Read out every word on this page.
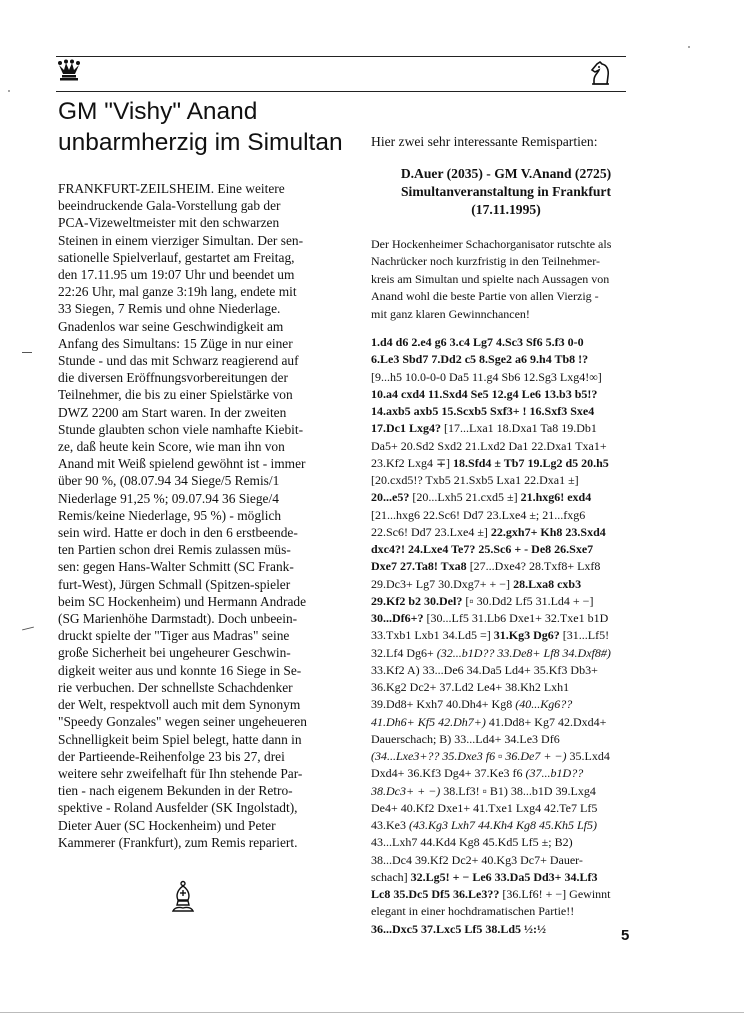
GM "Vishy" Anand unbarmherzig im Simultan

FRANKFURT-ZEILSHEIM. Eine weitere
beeindruckende Gala-Vorstellung gab der
PCA-Vizeweltmeister mit den schwarzen
Steinen in einem vierziger Simultan. Der sen-
sationelle Spielverlauf, gestartet am Freitag,
den 17.11.95 um 19:07 Uhr und beendet um
22:26 Uhr, mal ganze 3:19h lang, endete mit
33 Siegen, 7 Remis und ohne Niederlage.
Gnadenlos war seine Geschwindigkeit am
Anfang des Simultans: 15 Züge in nur einer
Stunde - und das mit Schwarz reagierend auf
die diversen Eröffnungsvorbereitungen der
Teilnehmer, die bis zu einer Spielstärke von
DWZ 2200 am Start waren. In der zweiten
Stunde glaubten schon viele namhafte Kiebit-
ze, daß heute kein Score, wie man ihn von
Anand mit Weiß spielend gewöhnt ist - immer
über 90 %, (08.07.94 34 Siege/5 Remis/1
Niederlage 91,25 %; 09.07.94 36 Siege/4
Remis/keine Niederlage, 95 %) - möglich
sein wird. Hatte er doch in den 6 erstbeende-
ten Partien schon drei Remis zulassen müs-
sen: gegen Hans-Walter Schmitt (SC Frank-
furt-West), Jürgen Schmall (Spitzen-spieler
beim SC Hockenheim) und Hermann Andrade
(SG Marienhöhe Darmstadt). Doch unbeein-
druckt spielte der "Tiger aus Madras" seine
große Sicherheit bei ungeheurer Geschwin-
digkeit weiter aus und konnte 16 Siege in Se-
rie verbuchen. Der schnellste Schachdenker
der Welt, respektvoll auch mit dem Synonym
"Speedy Gonzales" wegen seiner ungeheueren
Schnelligkeit beim Spiel belegt, hatte dann in
der Partieende-Reihenfolge 23 bis 27, drei
weitere sehr zweifelhaft für Ihn stehende Par-
tien - nach eigenem Bekunden in der Retro-
spektive - Roland Ausfelder (SK Ingolstadt),
Dieter Auer (SC Hockenheim) und Peter
Kammerer (Frankfurt), zum Remis repariert.

Hier zwei sehr interessante Remispartien:

D.Auer (2035) - GM V.Anand (2725)
Simultanveranstaltung in Frankfurt
(17.11.1995)

Der Hockenheimer Schachorganisator rutschte als
Nachrücker noch kurzfristig in den Teilnehmer-
kreis am Simultan und spielte nach Aussagen von
Anand wohl die beste Partie von allen Vierzig -
mit ganz klaren Gewinnchancen!

1.d4 d6 2.e4 g6 3.c4 Lg7 4.Sc3 Sf6 5.f3 0-0
6.Le3 Sbd7 7.Dd2 c5 8.Sge2 a6 9.h4 Tb8 !?
[9...h5 10.0-0-0 Da5 11.g4 Sb6 12.Sg3 Lxg4!∞]
10.a4 cxd4 11.Sxd4 Se5 12.g4 Le6 13.b3 b5!?
14.axb5 axb5 15.Scxb5 Sxf3+ ! 16.Sxf3 Sxe4
17.Dc1 Lxg4? [17...Lxa1 18.Dxa1 Ta8 19.Db1
Da5+ 20.Sd2 Sxd2 21.Lxd2 Da1 22.Dxa1 Txa1+
23.Kf2 Lxg4 ∓] 18.Sfd4 ± Tb7 19.Lg2 d5 20.h5
[20.cxd5!? Txb5 21.Sxb5 Lxa1 22.Dxa1 ±]
20...e5? [20...Lxh5 21.cxd5 ±] 21.hxg6! exd4
[21...hxg6 22.Sc6! Dd7 23.Lxe4 ±; 21...fxg6
22.Sc6! Dd7 23.Lxe4 ±] 22.gxh7+ Kh8 23.Sxd4
dxc4?! 24.Lxe4 Te7? 25.Sc6 + - De8 26.Sxe7
Dxe7 27.Ta8! Txa8 [27...Dxe4? 28.Txf8+ Lxf8
29.Dc3+ Lg7 30.Dxg7+ + −] 28.Lxa8 cxb3
29.Kf2 b2 30.Del? [▫ 30.Dd2 Lf5 31.Ld4 + −]
30...Df6+? [30...Lf5 31.Lb6 Dxe1+ 32.Txe1 b1D
33.Txb1 Lxb1 34.Ld5 =] 31.Kg3 Dg6? [31...Lf5!
32.Lf4 Dg6+ (32...b1D?? 33.De8+ Lf8 34.Dxf8#)
33.Kf2 A) 33...De6 34.Da5 Ld4+ 35.Kf3 Db3+
36.Kg2 Dc2+ 37.Ld2 Le4+ 38.Kh2 Lxh1
39.Dd8+ Kxh7 40.Dh4+ Kg8 (40...Kg6??
41.Dh6+ Kf5 42.Dh7+) 41.Dd8+ Kg7 42.Dxd4+
Dauerschach; B) 33...Ld4+ 34.Le3 Df6
(34...Lxe3+?? 35.Dxe3 f6 ▫ 36.De7 + −) 35.Lxd4
Dxd4+ 36.Kf3 Dg4+ 37.Ke3 f6 (37...b1D??
38.Dc3+ + −) 38.Lf3! ▫ B1) 38...b1D 39.Lxg4
De4+ 40.Kf2 Dxe1+ 41.Txe1 Lxg4 42.Te7 Lf5
43.Ke3 (43.Kg3 Lxh7 44.Kh4 Kg8 45.Kh5 Lf5)
43...Lxh7 44.Kd4 Kg8 45.Kd5 Lf5 ±; B2)
38...Dc4 39.Kf2 Dc2+ 40.Kg3 Dc7+ Dauer-
schach] 32.Lg5! + − Le6 33.Da5 Dd3+ 34.Lf3
Lc8 35.Dc5 Df5 36.Le3?? [36.Lf6! + −] Gewinnt
elegant in einer hochdramatischen Partie!!
36...Dxc5 37.Lxc5 Lf5 38.Ld5 ½:½	5
